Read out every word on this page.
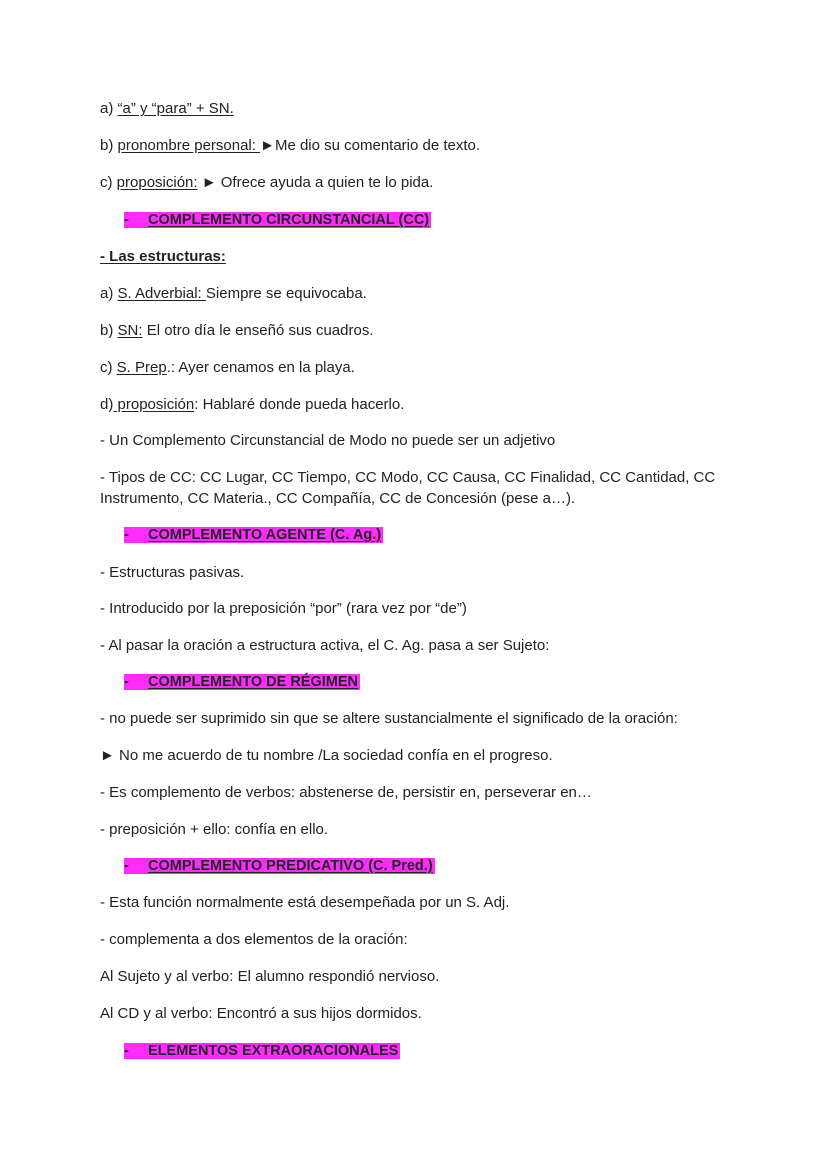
a) “a” y “para” + SN.
b) pronombre personal: ►Me dio su comentario de texto.
c) proposición: ► Ofrece ayuda a quien te lo pida.
- COMPLEMENTO CIRCUNSTANCIAL (CC)
- Las estructuras:
a) S. Adverbial: Siempre se equivocaba.
b) SN: El otro día le enseñó sus cuadros.
c) S. Prep.: Ayer cenamos en la playa.
d) proposición: Hablaré donde pueda hacerlo.
- Un Complemento Circunstancial de Modo no puede ser un adjetivo
- Tipos de CC: CC Lugar, CC Tiempo, CC Modo, CC Causa, CC Finalidad, CC Cantidad, CC Instrumento, CC Materia., CC Compañía, CC de Concesión (pese a…).
- COMPLEMENTO AGENTE (C. Ag.)
- Estructuras pasivas.
- Introducido por la preposición “por” (rara vez por “de”)
- Al pasar la oración a estructura activa, el C. Ag. pasa a ser Sujeto:
- COMPLEMENTO DE RÉGIMEN
- no puede ser suprimido sin que se altere sustancialmente el significado de la oración:
► No me acuerdo de tu nombre /La sociedad confía en el progreso.
- Es complemento de verbos: abstenerse de, persistir en, perseverar en…
- preposición + ello: confía en ello.
- COMPLEMENTO PREDICATIVO (C. Pred.)
- Esta función normalmente está desempeñada por un S. Adj.
- complementa a dos elementos de la oración:
Al Sujeto y al verbo: El alumno respondió nervioso.
Al CD y al verbo: Encontró a sus hijos dormidos.
- ELEMENTOS EXTRAORACIONALES
